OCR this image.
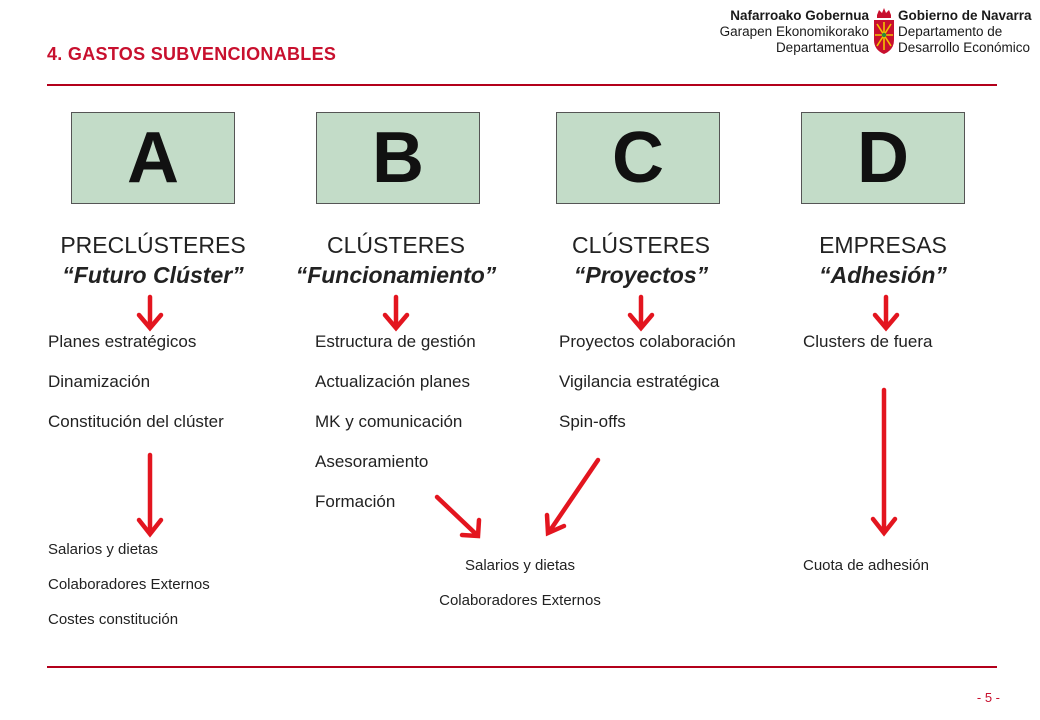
4. GASTOS SUBVENCIONABLES
Nafarroako Gobernua
Garapen Ekonomikorako
Departamentua
Gobierno de Navarra
Departamento de
Desarrollo Económico
A	B	C	D
PRECLÚSTERES
“Futuro Clúster”
CLÚSTERES
“Funcionamiento”
CLÚSTERES
“Proyectos”
EMPRESAS
“Adhesión”
Planes estratégicos
Dinamización
Constitución del clúster
Estructura de gestión
Actualización planes
MK y comunicación
Asesoramiento
Formación
Proyectos colaboración
Vigilancia estratégica
Spin-offs
Clusters de fuera
Salarios y dietas
Colaboradores Externos
Costes constitución
Salarios y dietas
Colaboradores Externos
Cuota de adhesión
- 5 -
